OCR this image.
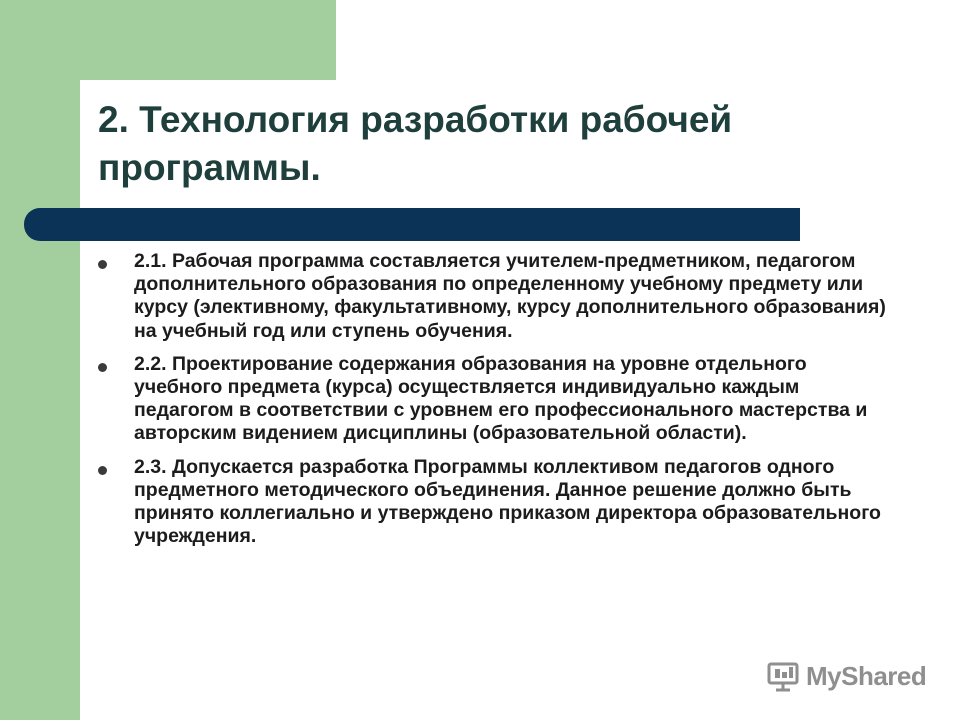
2. Технология разработки рабочей программы.
2.1. Рабочая программа составляется учителем-предметником, педагогом дополнительного образования по определенному учебному предмету или курсу (элективному, факультативному, курсу дополнительного образования) на учебный год или ступень обучения.
2.2. Проектирование содержания образования на уровне отдельного учебного предмета (курса) осуществляется индивидуально каждым педагогом в соответствии с уровнем его профессионального мастерства и авторским видением дисциплины (образовательной области).
2.3. Допускается разработка Программы коллективом педагогов одного предметного методического объединения. Данное решение должно быть принято коллегиально и утверждено приказом директора образовательного учреждения.
MyShared
